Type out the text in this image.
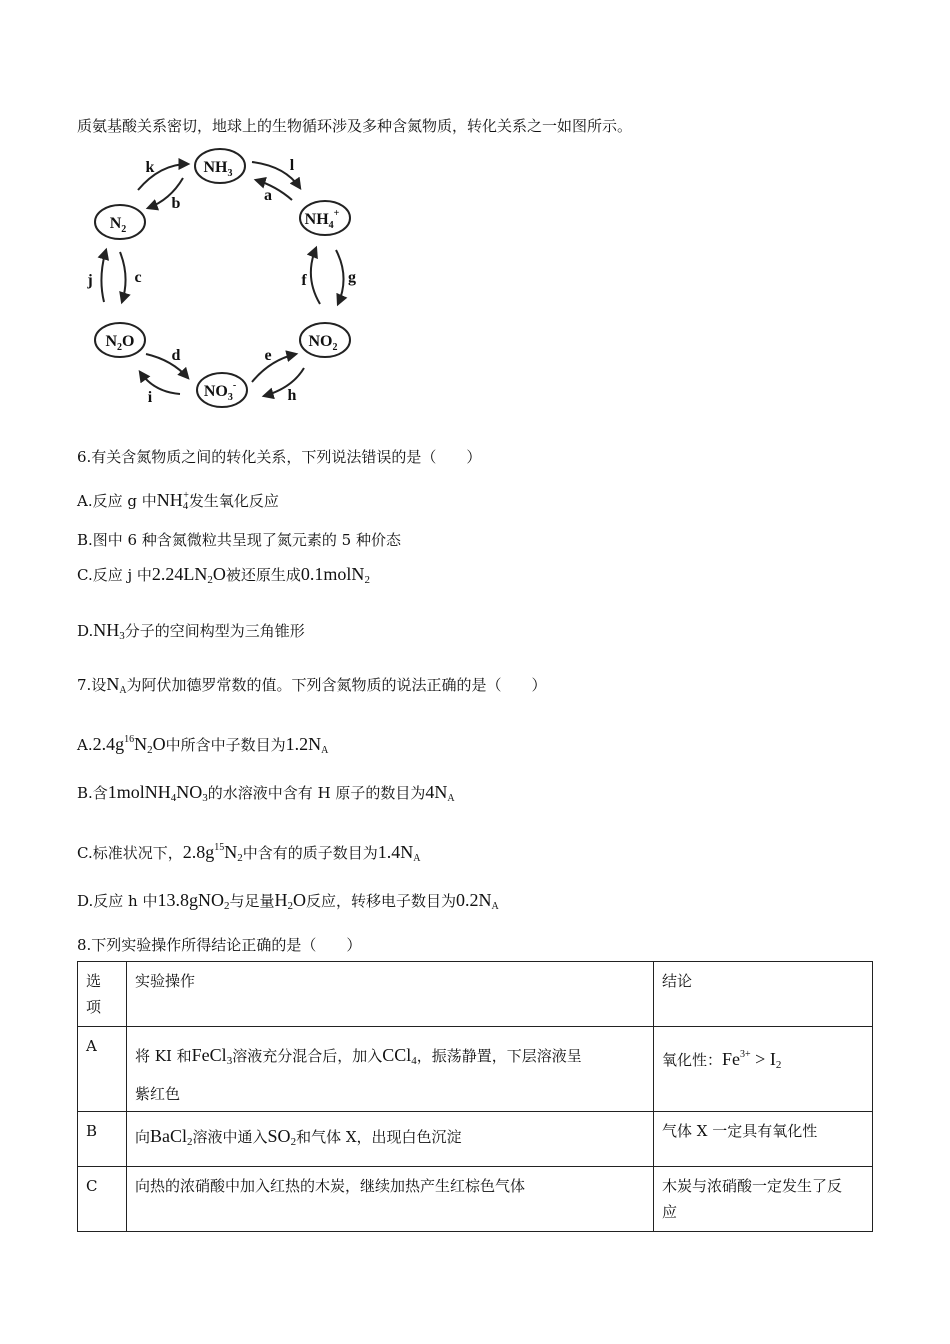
质氨基酸关系密切，地球上的生物循环涉及多种含氮物质，转化关系之一如图所示。
$NH_3$
$NH_4^+$
$N_2$
$N_2O$
$NO_3^-$
$NO_2$
k
b
l
a
j	c	f	g
d
i
e
h
6.有关含氮物质之间的转化关系，下列说法错误的是（　　）
A.反应 g 中$NH_4^+$发生氧化反应
B.图中 6 种含氮微粒共呈现了氮元素的 5 种价态
C.反应 j 中$2.24LN_2O$被还原生成0.1molN$_2$
$D.NH_3$分子的空间构型为三角锥形
7.设NA为阿伏加德罗常数的值。下列含氮物质的说法正确的是（　　）
$A.2.4g^{16}N_2O$中所含中子数目为1.2NA
B.含$1molNH_4NO_3$的水溶液中含有 H 原子的数目为4NA
C.标准状况下，$2.8g^{15}N_2$中含有的质子数目为1.4NA
D.反应 h 中13.8gNO$_2$与足量$H_2O$反应，转移电子数目为0.2NA
8.下列实验操作所得结论正确的是（　　）
选
项	实验操作	结论
A	将 KI 和FeCl$_3$溶液充分混合后，加入CCl$_4$，振荡静置，下层溶液呈
紫红色	氧化性：$Fe^{3+} > I_2$

B	向BaCl$_2$溶液中通入$SO_2$和气体 X，出现白色沉淀	气体 X 一定具有氧化性
C	向热的浓硝酸中加入红热的木炭，继续加热产生红棕色气体	木炭与浓硝酸一定发生了反
应
